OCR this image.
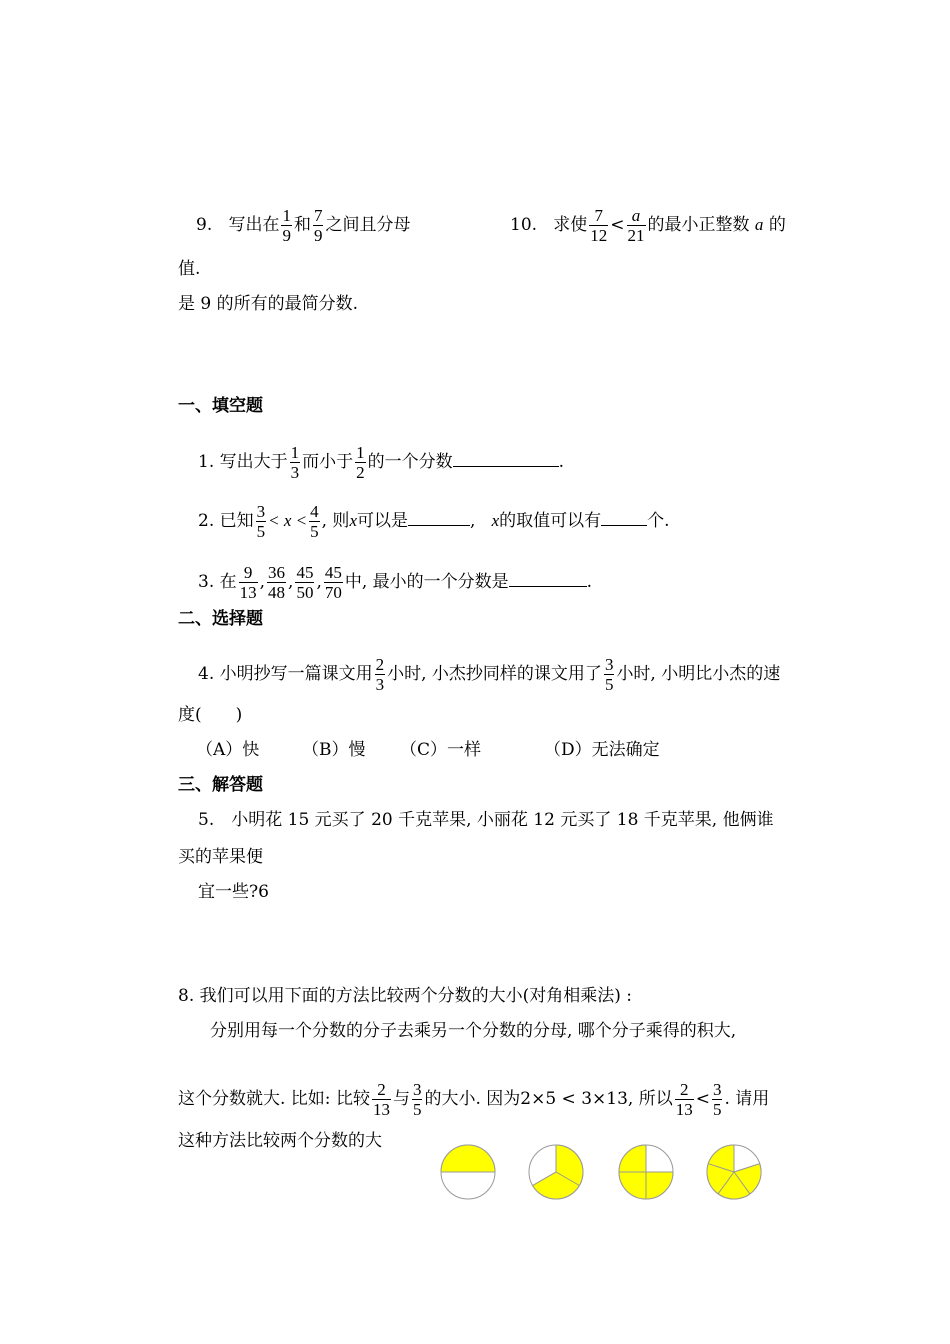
9. 写出在 $\frac{1}{9}$ 和 $\frac{7}{9}$ 之间且分母	10. 求使 $\frac{7}{12} < \frac{a}{21}$ 的最小正整数 a 的
值.
是 9 的所有的最简分数.
一、填空题
1. 写出大于 $\frac{1}{3}$ 而小于 $\frac{1}{2}$ 的一个分数	.
2. 已知 $\frac{3}{5} < x < \frac{4}{5}$ , 则x可以是	, x的取值可以有	个.
3. 在 $\frac{9}{13}$ , $\frac{36}{48}$ , $\frac{45}{50}$ , $\frac{45}{70}$ 中, 最小的一个分数是	.
二、选择题
4. 小明抄写一篇课文用 $\frac{2}{3}$ 小时, 小杰抄同样的课文用了 $\frac{3}{5}$ 小时, 小明比小杰的速
度(　　)
（A）快	（B）慢 （C）一样	（D）无法确定
三、解答题
5.　小明花 15 元买了 20 千克苹果, 小丽花 12 元买了 18 千克苹果, 他俩谁
买的苹果便
宜一些?6
8. 我们可以用下面的方法比较两个分数的大小(对角相乘法) :
分别用每一个分数的分子去乘另一个分数的分母, 哪个分子乘得的积大,
这个分数就大. 比如: 比较 $\frac{2}{13}$ 与 $\frac{3}{5}$ 的大小. 因为2×5 < 3×13, 所以 $\frac{2}{13} < \frac{3}{5}$ . 请用
这种方法比较两个分数的大
